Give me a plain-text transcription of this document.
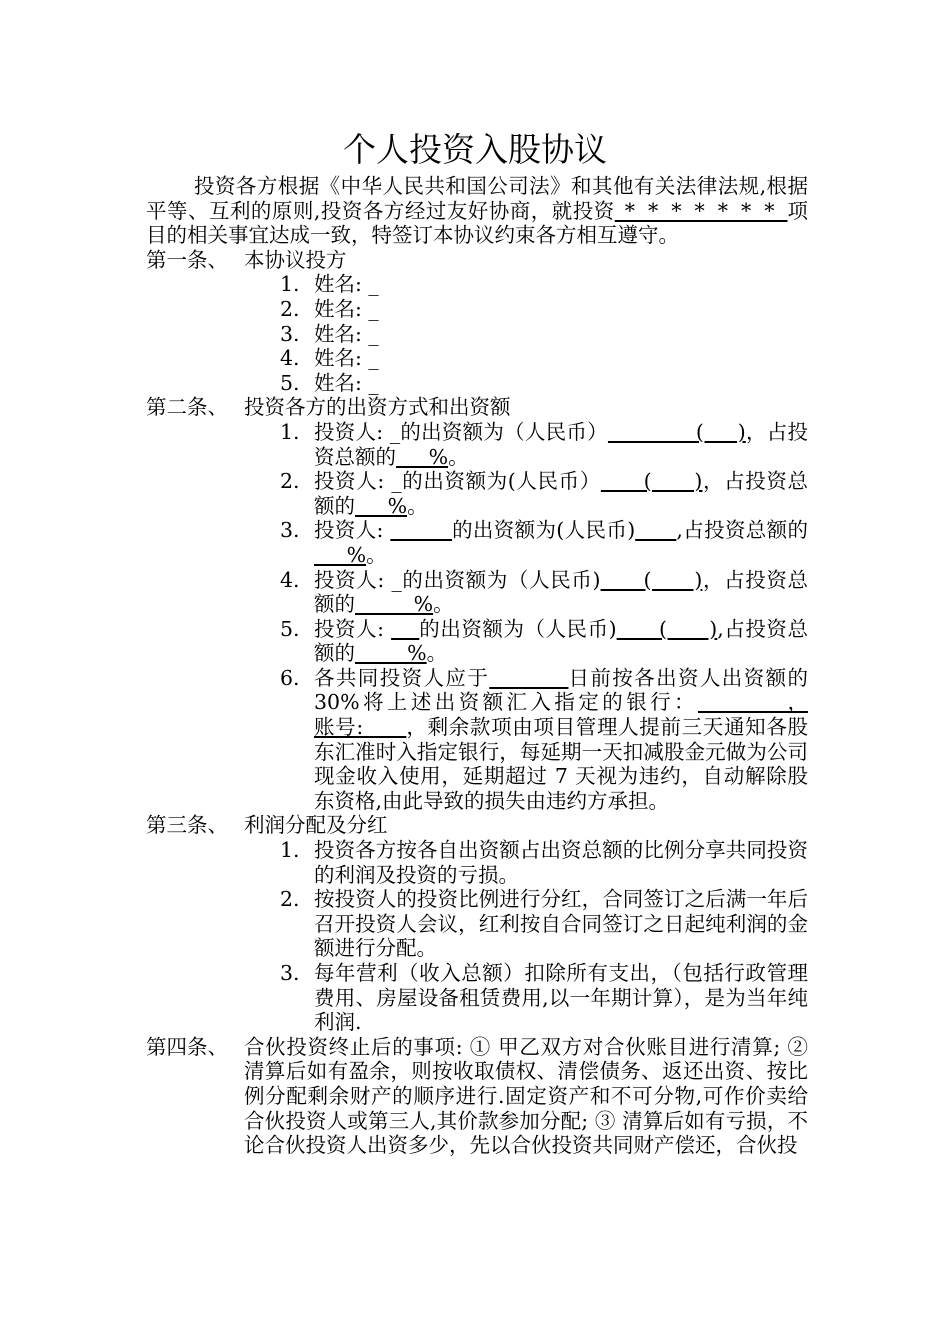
个人投资入股协议

投资各方根据《中华人民共和国公司法》和其他有关法律法规,根据平等、互利的原则,投资各方经过友好协商，就投资 * * * * * * * 项目的相关事宜达成一致，特签订本协议约束各方相互遵守。

第一条、 本协议投方
1. 姓名: _
2. 姓名: _
3. 姓名: _
4. 姓名: _
5. 姓名: _
第二条、 投资各方的出资方式和出资额
1. 投资人: _的出资额为（人民币）             (     )，占投资总额的     %。
2. 投资人: _的出资额为(人民币）      (      )，占投资总额的     %。
3. 投资人:	的出资额为(人民币) ,占投资总额的     %。
4. 投资人: _的出资额为（人民币)      (      )，占投资总额的         %。
5. 投资人:     的出资额为（人民币)      (      ),占投资总额的        %。
6. 各共同投资人应于	日前按各出资人出资额的 30%将上述出资额汇入指定的银行：         ， 账号:      ，剩余款项由项目管理人提前三天通知各股东汇准时入指定银行，每延期一天扣减股金元做为公司现金收入使用，延期超过 7 天视为违约，自动解除股东资格,由此导致的损失由违约方承担。
第三条、 利润分配及分红
1. 投资各方按各自出资额占出资总额的比例分享共同投资的利润及投资的亏损。
2. 按投资人的投资比例进行分红，合同签订之后满一年后召开投资人会议，红利按自合同签订之日起纯利润的金额进行分配。
3. 每年营利（收入总额）扣除所有支出，（包括行政管理费用、房屋设备租赁费用,以一年期计算），是为当年纯利润.
第四条、 合伙投资终止后的事项: ① 甲乙双方对合伙账目进行清算; ② 清算后如有盈余，则按收取债权、清偿债务、返还出资、按比例分配剩余财产的顺序进行.固定资产和不可分物,可作价卖给合伙投资人或第三人,其价款参加分配; ③ 清算后如有亏损，不论合伙投资人出资多少，先以合伙投资共同财产偿还，合伙投
